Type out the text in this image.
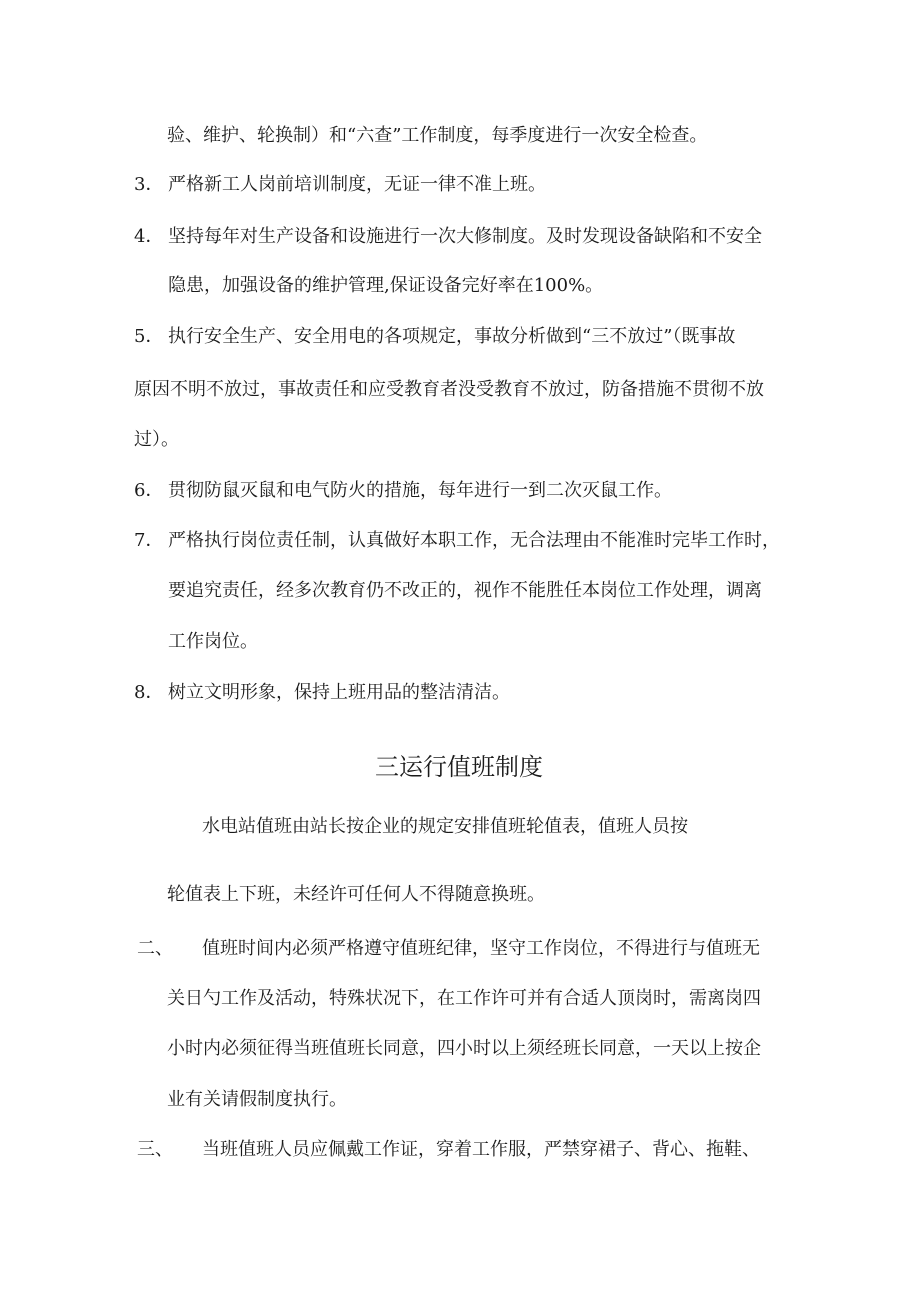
验、维护、轮换制）和“六查”工作制度，每季度进行一次安全检查。
3． 严格新工人岗前培训制度，无证一律不准上班。
4． 坚持每年对生产设备和设施进行一次大修制度。及时发现设备缺陷和不安全
隐患，加强设备的维护管理,保证设备完好率在100%。
5． 执行安全生产、安全用电的各项规定，事故分析做到“三不放过”（既事故
原因不明不放过，事故责任和应受教育者没受教育不放过，防备措施不贯彻不放
过）。
6． 贯彻防鼠灭鼠和电气防火的措施，每年进行一到二次灭鼠工作。
7． 严格执行岗位责任制，认真做好本职工作，无合法理由不能准时完毕工作时，
要追究责任，经多次教育仍不改正的，视作不能胜任本岗位工作处理，调离
工作岗位。
8． 树立文明形象，保持上班用品的整洁清洁。
三运行值班制度
水电站值班由站长按企业的规定安排值班轮值表，值班人员按
轮值表上下班，未经许可任何人不得随意换班。
二、 值班时间内必须严格遵守值班纪律，坚守工作岗位，不得进行与值班无
关日勺工作及活动，特殊状况下，在工作许可并有合适人顶岗时，需离岗四
小时内必须征得当班值班长同意，四小时以上须经班长同意，一天以上按企
业有关请假制度执行。
三、 当班值班人员应佩戴工作证，穿着工作服，严禁穿裙子、背心、拖鞋、
